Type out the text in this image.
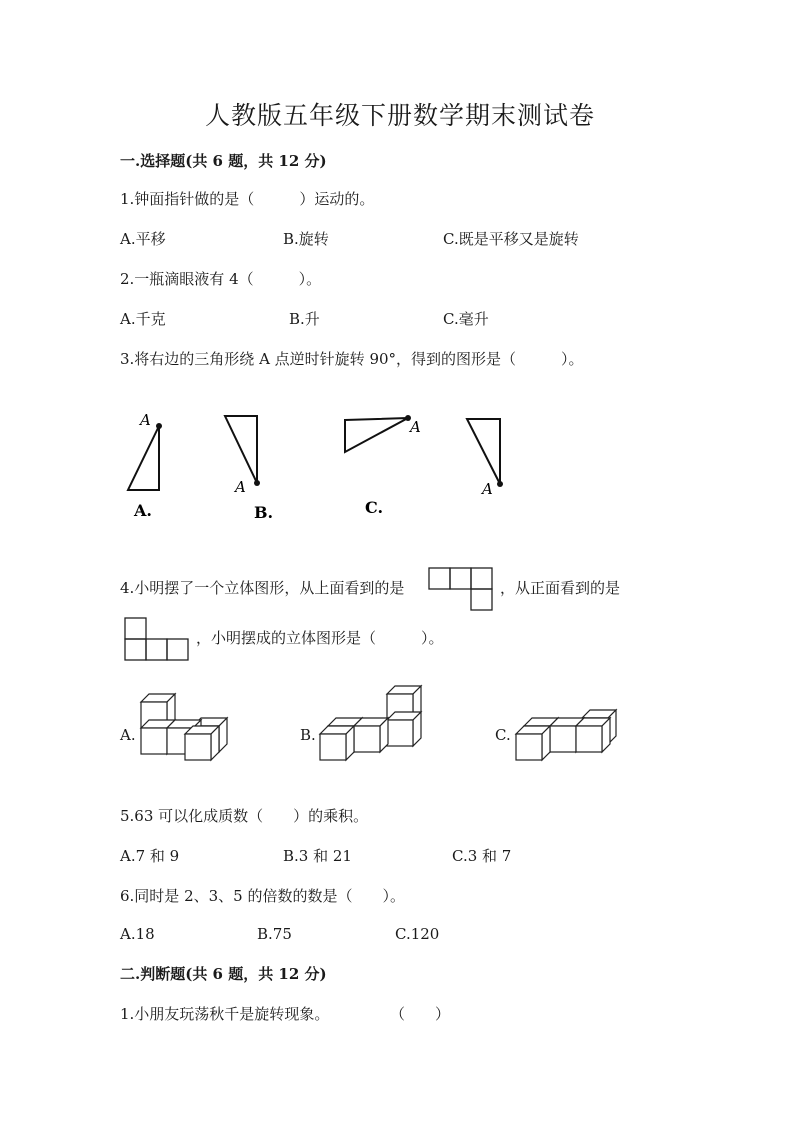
人教版五年级下册数学期末测试卷
一.选择题(共 6 题，共 12 分)
1.钟面指针做的是（　　　）运动的。
A.平移	B.旋转	C.既是平移又是旋转
2.一瓶滴眼液有 4（　　　）。
A.千克	B.升	C.毫升
3.将右边的三角形绕 A 点逆时针旋转 90°，得到的图形是（　　　）。
A
A
A
A
A.	B.	C.
4.小明摆了一个立体图形，从上面看到的是	，从正面看到的是
，小明摆成的立体图形是（　　　）。
A.	B.	C.
5.63 可以化成质数（　　）的乘积。
A.7 和 9	B.3 和 21	C.3 和 7
6.同时是 2、3、5 的倍数的数是（　　）。
A.18	B.75	C.120
二.判断题(共 6 题，共 12 分)
1.小朋友玩荡秋千是旋转现象。	（　　）
